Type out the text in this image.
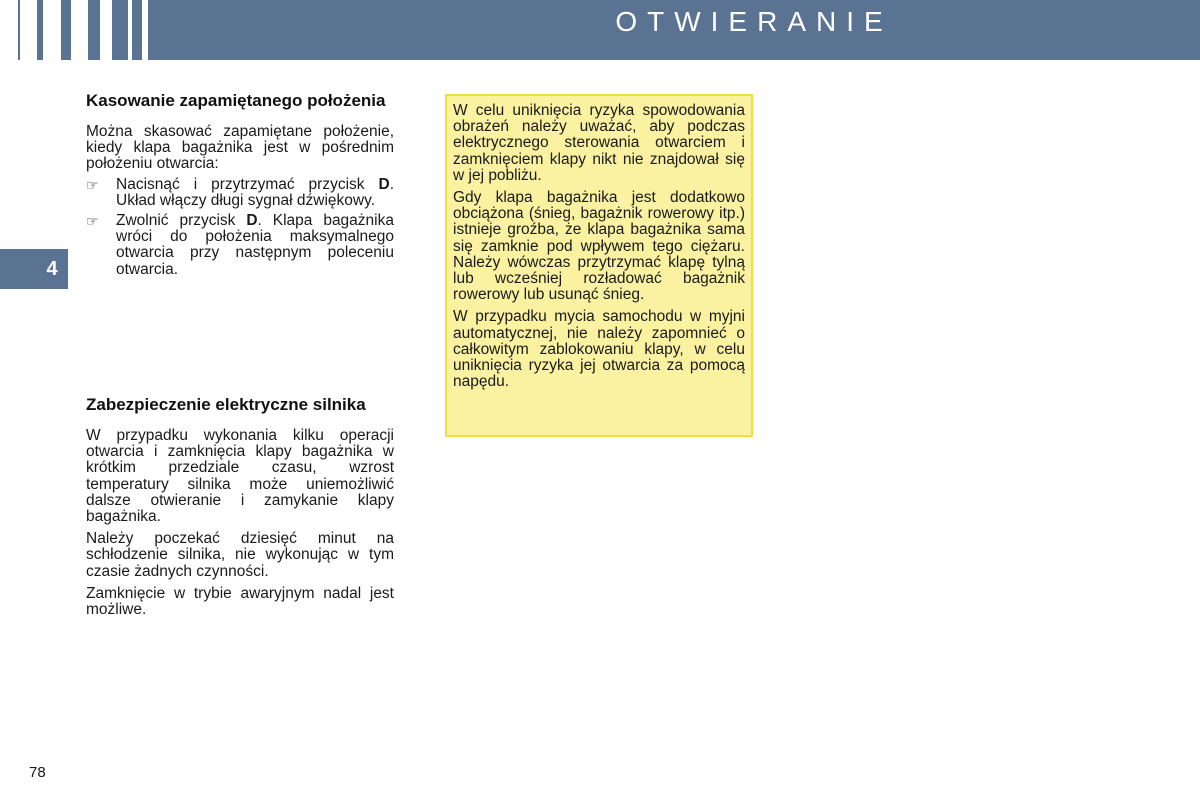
OTWIERANIE
4
Kasowanie zapamiętanego położenia

Można skasować zapamiętane położenie, kiedy klapa bagażnika jest w pośrednim położeniu otwarcia:

☞ Nacisnąć i przytrzymać przycisk D. Układ włączy długi sygnał dźwiękowy.
☞ Zwolnić przycisk D. Klapa bagażnika wróci do położenia maksymalnego otwarcia przy następnym poleceniu otwarcia.
Zabezpieczenie elektryczne silnika

W przypadku wykonania kilku operacji otwarcia i zamknięcia klapy bagażnika w krótkim przedziale czasu, wzrost temperatury silnika może uniemożliwić dalsze otwieranie i zamykanie klapy bagażnika.

Należy poczekać dziesięć minut na schłodzenie silnika, nie wykonując w tym czasie żadnych czynności.

Zamknięcie w trybie awaryjnym nadal jest możliwe.

W celu uniknięcia ryzyka spowodowania obrażeń należy uważać, aby podczas elektrycznego sterowania otwarciem i zamknięciem klapy nikt nie znajdował się w jej pobliżu.

Gdy klapa bagażnika jest dodatkowo obciążona (śnieg, bagażnik rowerowy itp.) istnieje groźba, że klapa bagażnika sama się zamknie pod wpływem tego ciężaru. Należy wówczas przytrzymać klapę tylną lub wcześniej rozładować bagażnik rowerowy lub usunąć śnieg.

W przypadku mycia samochodu w myjni automatycznej, nie należy zapomnieć o całkowitym zablokowaniu klapy, w celu uniknięcia ryzyka jej otwarcia za pomocą napędu.

78
